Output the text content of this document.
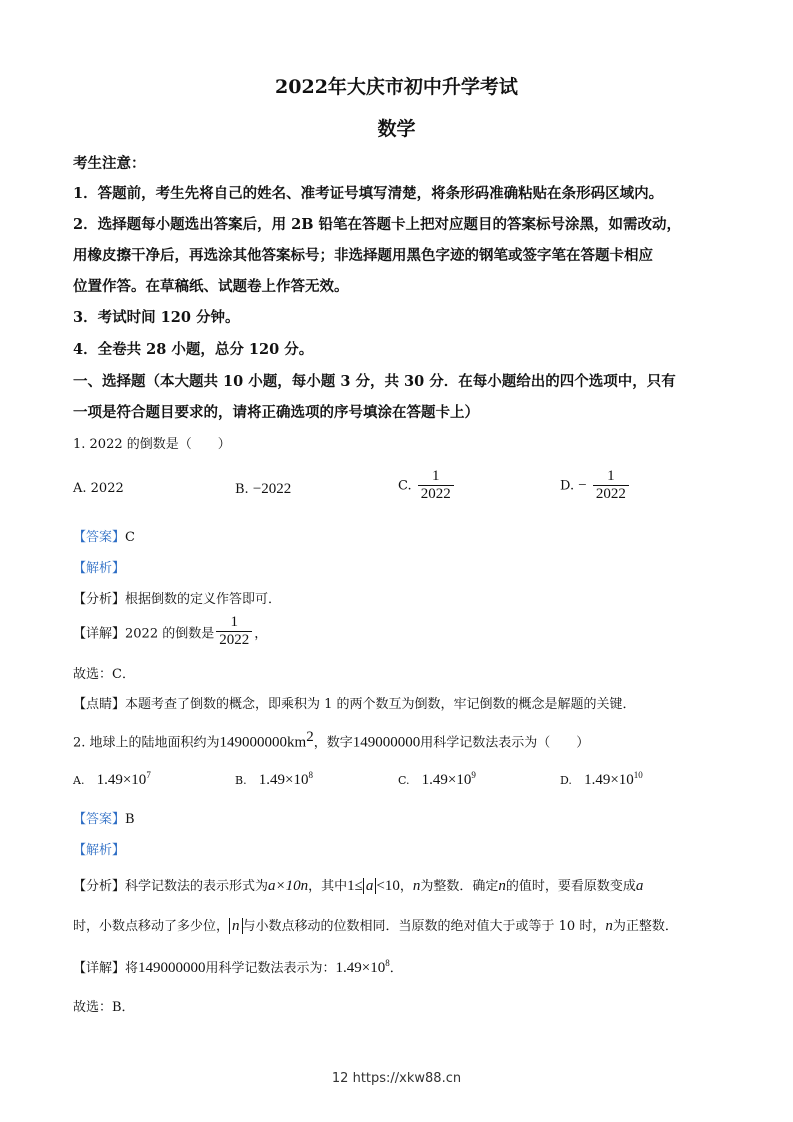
2022年大庆市初中升学考试
数学
考生注意：
1．答题前，考生先将自己的姓名、准考证号填写清楚，将条形码准确粘贴在条形码区域内。
2．选择题每小题选出答案后，用 2B 铅笔在答题卡上把对应题目的答案标号涂黑，如需改动，
用橡皮擦干净后，再选涂其他答案标号；非选择题用黑色字迹的钢笔或签字笔在答题卡相应
位置作答。在草稿纸、试题卷上作答无效。
3．考试时间 120 分钟。
4．全卷共 28 小题，总分 120 分。
一、选择题（本大题共 10 小题，每小题 3 分，共 30 分．在每小题给出的四个选项中，只有
一项是符合题目要求的，请将正确选项的序号填涂在答题卡上）
1. 2022 的倒数是（　　）
A. 2022	B. −2022	C. $\frac{1}{2022}$	D. − $\frac{1}{2022}$
【答案】C
【解析】
【分析】根据倒数的定义作答即可．
【详解】2022 的倒数是 $\frac{1}{2022}$ ，
故选：C．
【点睛】本题考查了倒数的概念，即乘积为 1 的两个数互为倒数，牢记倒数的概念是解题的关键．
2. 地球上的陆地面积约为$149000000km^2$，数字149000000用科学记数法表示为（　　）
A. $1.49\times 10^7$	B. $1.49\times 10^8$	C. $1.49\times 10^9$	D. $1.49\times 10^{10}$
【答案】B
【解析】
【分析】科学记数法的表示形式为a×10n，其中1≤ a <10，n为整数．确定n的值时，要看原数变成a
时，小数点移动了多少位， n 与小数点移动的位数相同．当原数的绝对值大于或等于 10 时，n为正整数．
【详解】将149000000用科学记数法表示为：$1.49\times 10^8$．
故选：B．
12 https://xkw88.cn
